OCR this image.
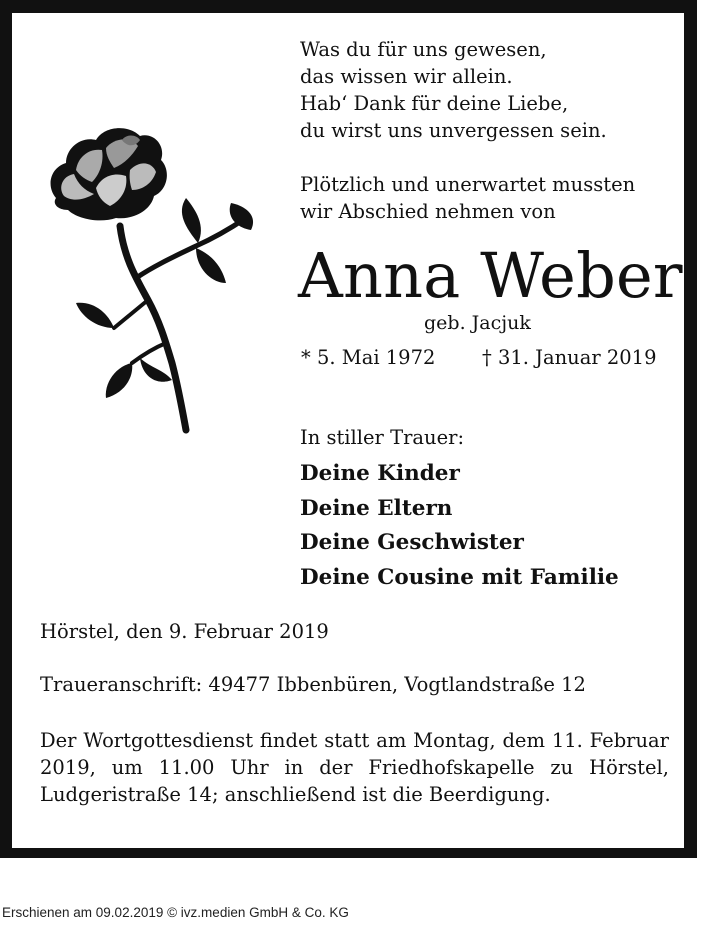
Was du für uns gewesen,
das wissen wir allein.
Hab‘ Dank für deine Liebe,
du wirst uns unvergessen sein.
Plötzlich und unerwartet mussten
wir Abschied nehmen von
Anna Weber
geb. Jacjuk
* 5. Mai 1972 † 31. Januar 2019
In stiller Trauer:
Deine Kinder
Deine Eltern
Deine Geschwister
Deine Cousine mit Familie
Hörstel, den 9. Februar 2019
Traueranschrift: 49477 Ibbenbüren, Vogtlandstraße 12
Der Wortgottesdienst findet statt am Montag, dem 11. Februar 2019, um 11.00 Uhr in der Friedhofskapelle zu Hörstel, Ludgeristraße 14; anschließend ist die Beerdigung.
Erschienen am 09.02.2019 © ivz.medien GmbH & Co. KG
